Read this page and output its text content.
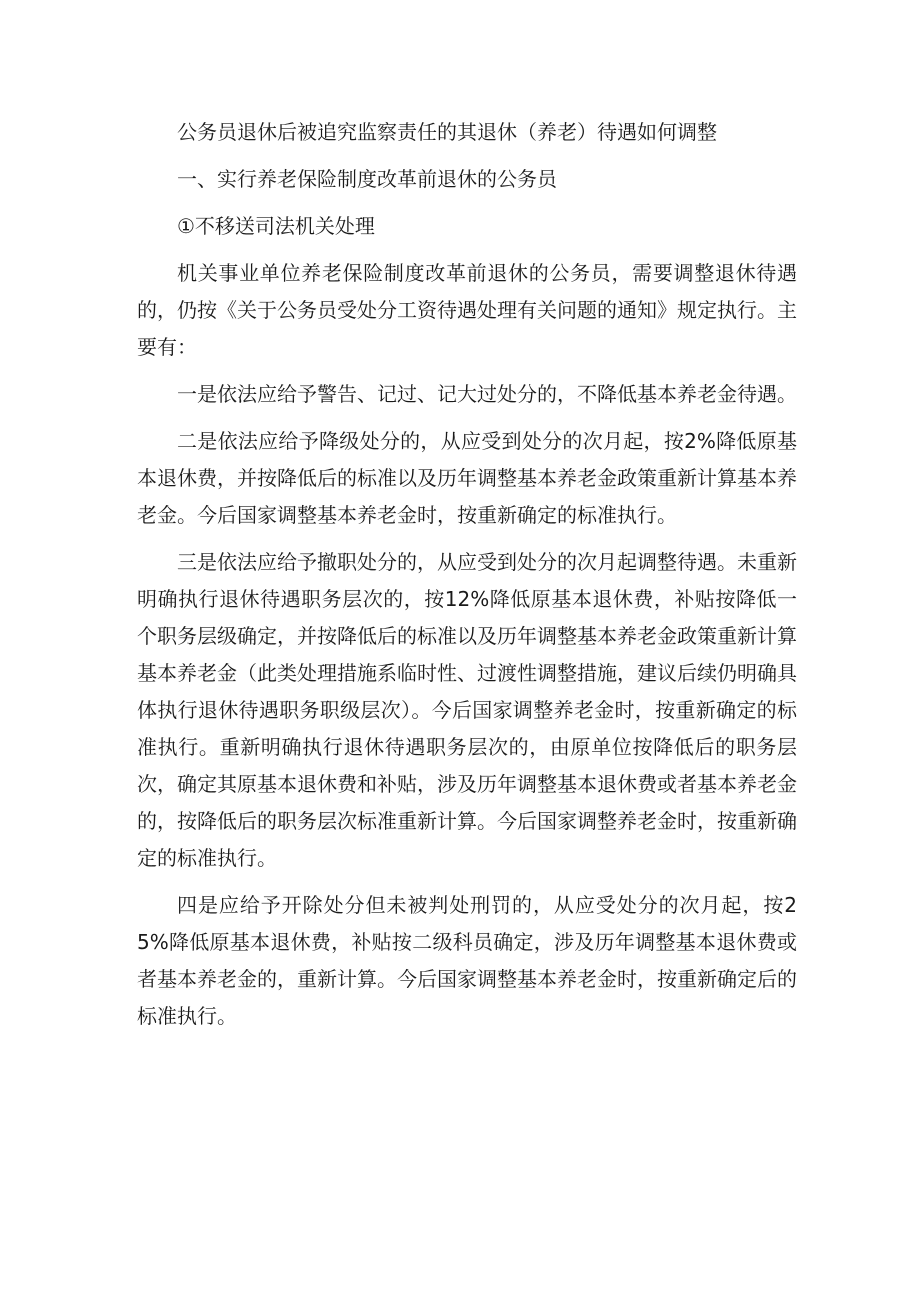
公务员退休后被追究监察责任的其退休（养老）待遇如何调整

一、实行养老保险制度改革前退休的公务员

①不移送司法机关处理

机关事业单位养老保险制度改革前退休的公务员，需要调整退休待遇的，仍按《关于公务员受处分工资待遇处理有关问题的通知》规定执行。主要有：

一是依法应给予警告、记过、记大过处分的，不降低基本养老金待遇。

二是依法应给予降级处分的，从应受到处分的次月起，按2%降低原基本退休费，并按降低后的标准以及历年调整基本养老金政策重新计算基本养老金。今后国家调整基本养老金时，按重新确定的标准执行。

三是依法应给予撤职处分的，从应受到处分的次月起调整待遇。未重新明确执行退休待遇职务层次的，按12%降低原基本退休费，补贴按降低一个职务层级确定，并按降低后的标准以及历年调整基本养老金政策重新计算基本养老金（此类处理措施系临时性、过渡性调整措施，建议后续仍明确具体执行退休待遇职务职级层次）。今后国家调整养老金时，按重新确定的标准执行。重新明确执行退休待遇职务层次的，由原单位按降低后的职务层次，确定其原基本退休费和补贴，涉及历年调整基本退休费或者基本养老金的，按降低后的职务层次标准重新计算。今后国家调整养老金时，按重新确定的标准执行。

四是应给予开除处分但未被判处刑罚的，从应受处分的次月起，按25%降低原基本退休费，补贴按二级科员确定，涉及历年调整基本退休费或者基本养老金的，重新计算。今后国家调整基本养老金时，按重新确定后的标准执行。
